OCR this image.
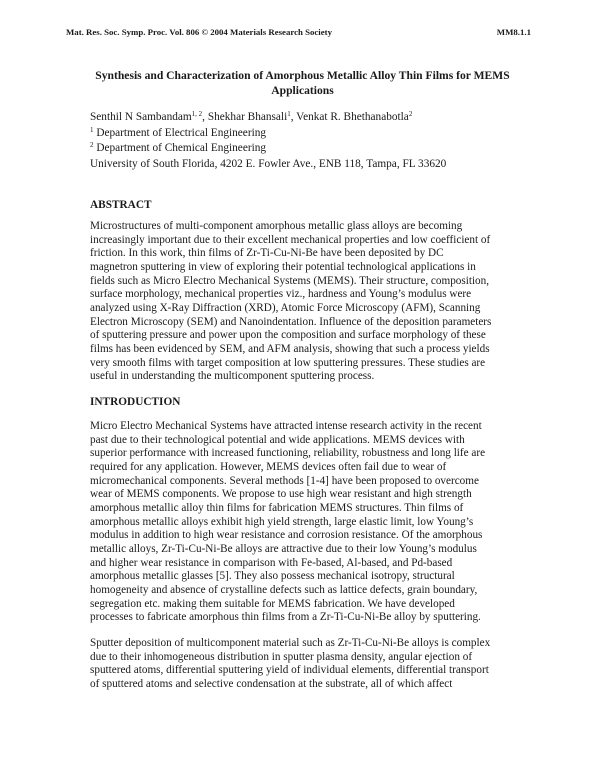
Mat. Res. Soc. Symp. Proc. Vol. 806 © 2004 Materials Research Society	MM8.1.1
Synthesis and Characterization of Amorphous Metallic Alloy Thin Films for MEMS
Applications
Senthil N Sambandam$^{1, 2}$, Shekhar Bhansali$^1$, Venkat R. Bhethanabotla$^2$
$^1$ Department of Electrical Engineering
$^2$ Department of Chemical Engineering
University of South Florida, 4202 E. Fowler Ave., ENB 118, Tampa, FL 33620
ABSTRACT
Microstructures of multi-component amorphous metallic glass alloys are becoming
increasingly important due to their excellent mechanical properties and low coefficient of
friction. In this work, thin films of Zr-Ti-Cu-Ni-Be have been deposited by DC
magnetron sputtering in view of exploring their potential technological applications in
fields such as Micro Electro Mechanical Systems (MEMS). Their structure, composition,
surface morphology, mechanical properties viz., hardness and Young’s modulus were
analyzed using X-Ray Diffraction (XRD), Atomic Force Microscopy (AFM), Scanning
Electron Microscopy (SEM) and Nanoindentation. Influence of the deposition parameters
of sputtering pressure and power upon the composition and surface morphology of these
films has been evidenced by SEM, and AFM analysis, showing that such a process yields
very smooth films with target composition at low sputtering pressures. These studies are
useful in understanding the multicomponent sputtering process.
INTRODUCTION
Micro Electro Mechanical Systems have attracted intense research activity in the recent
past due to their technological potential and wide applications. MEMS devices with
superior performance with increased functioning, reliability, robustness and long life are
required for any application. However, MEMS devices often fail due to wear of
micromechanical components. Several methods [1-4] have been proposed to overcome
wear of MEMS components. We propose to use high wear resistant and high strength
amorphous metallic alloy thin films for fabrication MEMS structures. Thin films of
amorphous metallic alloys exhibit high yield strength, large elastic limit, low Young’s
modulus in addition to high wear resistance and corrosion resistance. Of the amorphous
metallic alloys, Zr-Ti-Cu-Ni-Be alloys are attractive due to their low Young’s modulus
and higher wear resistance in comparison with Fe-based, Al-based, and Pd-based
amorphous metallic glasses [5]. They also possess mechanical isotropy, structural
homogeneity and absence of crystalline defects such as lattice defects, grain boundary,
segregation etc. making them suitable for MEMS fabrication. We have developed
processes to fabricate amorphous thin films from a Zr-Ti-Cu-Ni-Be alloy by sputtering.
Sputter deposition of multicomponent material such as Zr-Ti-Cu-Ni-Be alloys is complex
due to their inhomogeneous distribution in sputter plasma density, angular ejection of
sputtered atoms, differential sputtering yield of individual elements, differential transport
of sputtered atoms and selective condensation at the substrate, all of which affect
